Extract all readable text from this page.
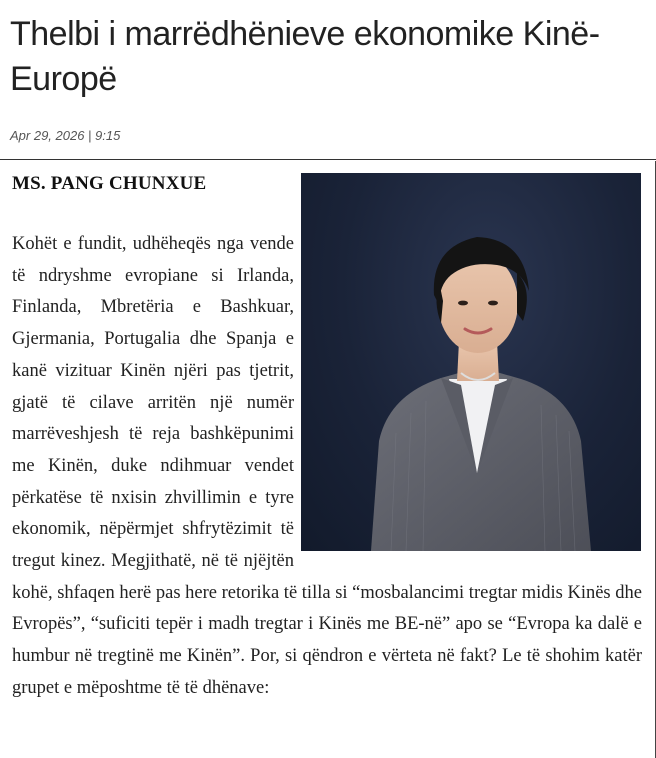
Thelbi i marrëdhënieve ekonomike Kinë-Europë
Apr 29, 2026 | 9:15
MS. PANG CHUNXUE

Kohët e fundit, udhëheqës nga vende të ndryshme evropiane si Irlanda, Finlanda, Mbretëria e Bashkuar, Gjermania, Portugalia dhe Spanja e kanë vizituar Kinën njëri pas tjetrit, gjatë të cilave arritën një numër marrëveshjesh të reja bashkëpunimi me Kinën, duke ndihmuar vendet përkatëse të nxisin zhvillimin e tyre ekonomik, nëpërmjet shfrytëzimit të tregut kinez. Megjithatë, në të njëjtën kohë, shfaqen herë pas here retorika të tilla si “mosbalancimi tregtar midis Kinës dhe Evropës”, “suficiti tepër i madh tregtar i Kinës me BE-në” apo se “Evropa ka dalë e humbur në tregtinë me Kinën”. Por, si qëndron e vërteta në fakt? Le të shohim katër grupet e mëposhtme të të dhënave:
